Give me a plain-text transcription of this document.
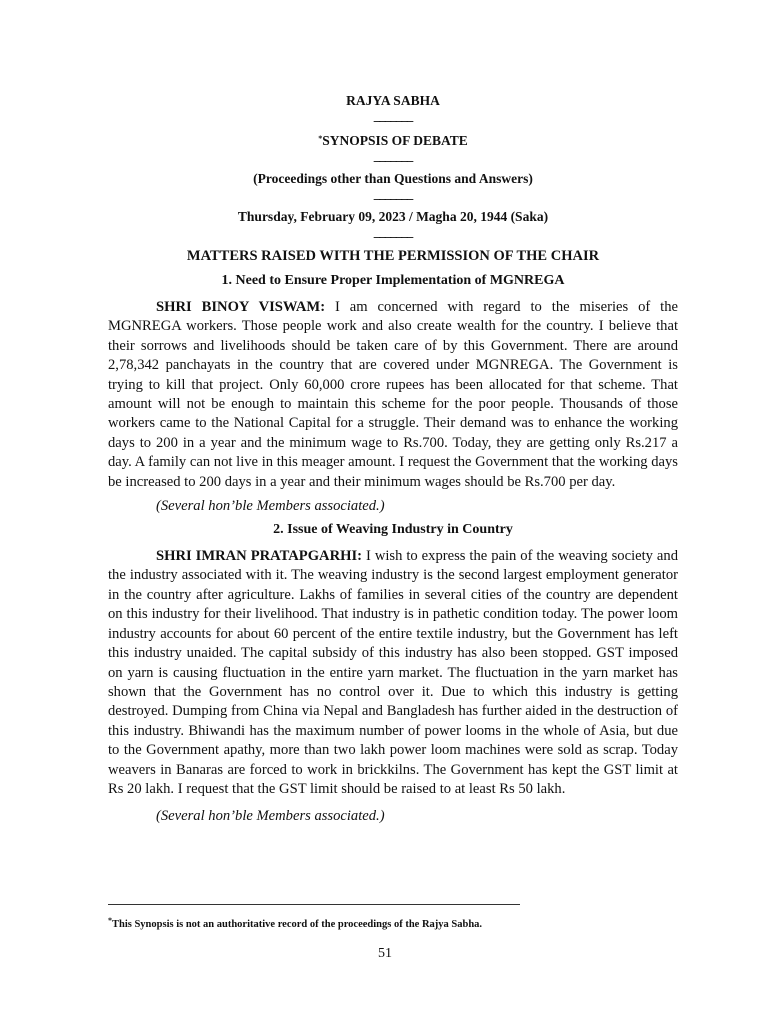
RAJYA SABHA
_______
*SYNOPSIS OF DEBATE
_______
(Proceedings other than Questions and Answers)
_______
Thursday, February 09, 2023 / Magha 20, 1944 (Saka)
_______
MATTERS RAISED WITH THE PERMISSION OF THE CHAIR
1. Need to Ensure Proper Implementation of MGNREGA

SHRI BINOY VISWAM: I am concerned with regard to the miseries of the MGNREGA workers. Those people work and also create wealth for the country. I believe that their sorrows and livelihoods should be taken care of by this Government. There are around 2,78,342 panchayats in the country that are covered under MGNREGA. The Government is trying to kill that project. Only 60,000 crore rupees has been allocated for that scheme. That amount will not be enough to maintain this scheme for the poor people. Thousands of those workers came to the National Capital for a struggle. Their demand was to enhance the working days to 200 in a year and the minimum wage to Rs.700. Today, they are getting only Rs.217 a day. A family can not live in this meager amount. I request the Government that the working days be increased to 200 days in a year and their minimum wages should be Rs.700 per day.

(Several hon’ble Members associated.)
2. Issue of Weaving Industry in Country

SHRI IMRAN PRATAPGARHI: I wish to express the pain of the weaving society and the industry associated with it. The weaving industry is the second largest employment generator in the country after agriculture. Lakhs of families in several cities of the country are dependent on this industry for their livelihood. That industry is in pathetic condition today. The power loom industry accounts for about 60 percent of the entire textile industry, but the Government has left this industry unaided. The capital subsidy of this industry has also been stopped. GST imposed on yarn is causing fluctuation in the entire yarn market. The fluctuation in the yarn market has shown that the Government has no control over it. Due to which this industry is getting destroyed. Dumping from China via Nepal and Bangladesh has further aided in the destruction of this industry. Bhiwandi has the maximum number of power looms in the whole of Asia, but due to the Government apathy, more than two lakh power loom machines were sold as scrap. Today weavers in Banaras are forced to work in brickkilns. The Government has kept the GST limit at Rs 20 lakh. I request that the GST limit should be raised to at least Rs 50 lakh.

(Several hon’ble Members associated.)
*This Synopsis is not an authoritative record of the proceedings of the Rajya Sabha.
51
